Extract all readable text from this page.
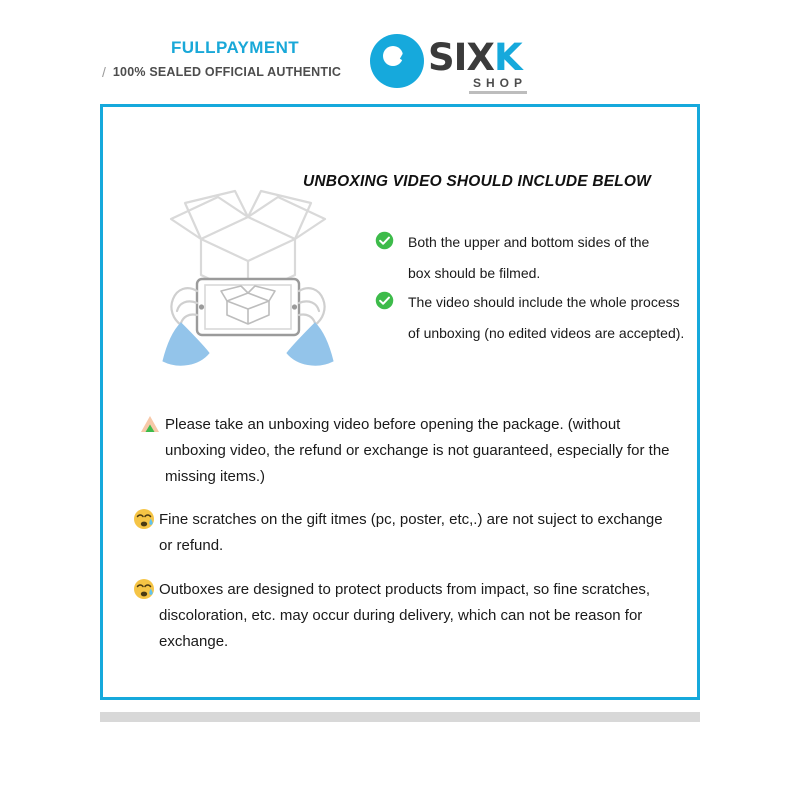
FULLPAYMENT
/ 100% SEALED OFFICIAL AUTHENTIC SIXK
SHOP
UNBOXING VIDEO SHOULD INCLUDE BELOW
Both the upper and bottom sides of the box should be filmed.
The video should include the whole process of unboxing (no edited videos are accepted).
Please take an unboxing video before opening the package. (without unboxing video, the refund or exchange is not guaranteed, especially for the missing items.)
Fine scratches on the gift itmes (pc, poster, etc,.) are not suject to exchange or refund.
Outboxes are designed to protect products from impact, so fine scratches, discoloration, etc. may occur during delivery, which can not be reason for exchange.
